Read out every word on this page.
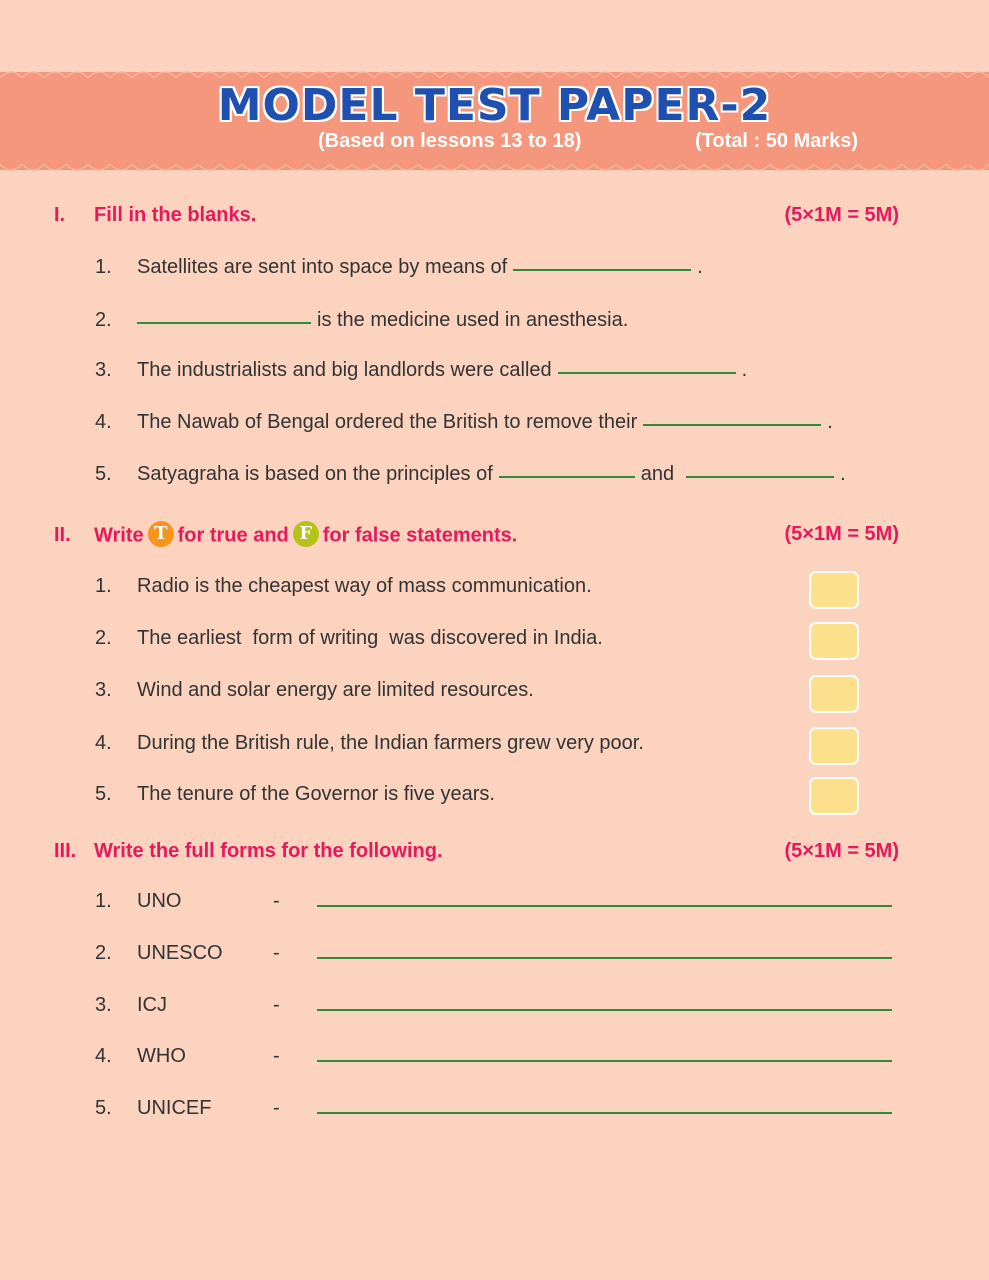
MODEL TEST PAPER-2
(Based on lessons 13 to 18)	(Total : 50 Marks)
I. Fill in the blanks.	(5×1M = 5M)
1. Satellites are sent into space by means of	.
2.	is the medicine used in anesthesia.
3. The industrialists and big landlords were called	.
4. The Nawab of Bengal ordered the British to remove their	.
5. Satyagraha is based on the principles of	and	.
II. Write T for true and F for false statements.	(5×1M = 5M)
1. Radio is the cheapest way of mass communication.
2. The earliest  form of writing  was discovered in India.
3. Wind and solar energy are limited resources.
4. During the British rule, the Indian farmers grew very poor.
5. The tenure of the Governor is five years.
III. Write the full forms for the following.	(5×1M = 5M)
1. UNO	-
2. UNESCO	-
3. ICJ	-
4. WHO	-
5. UNICEF	-
